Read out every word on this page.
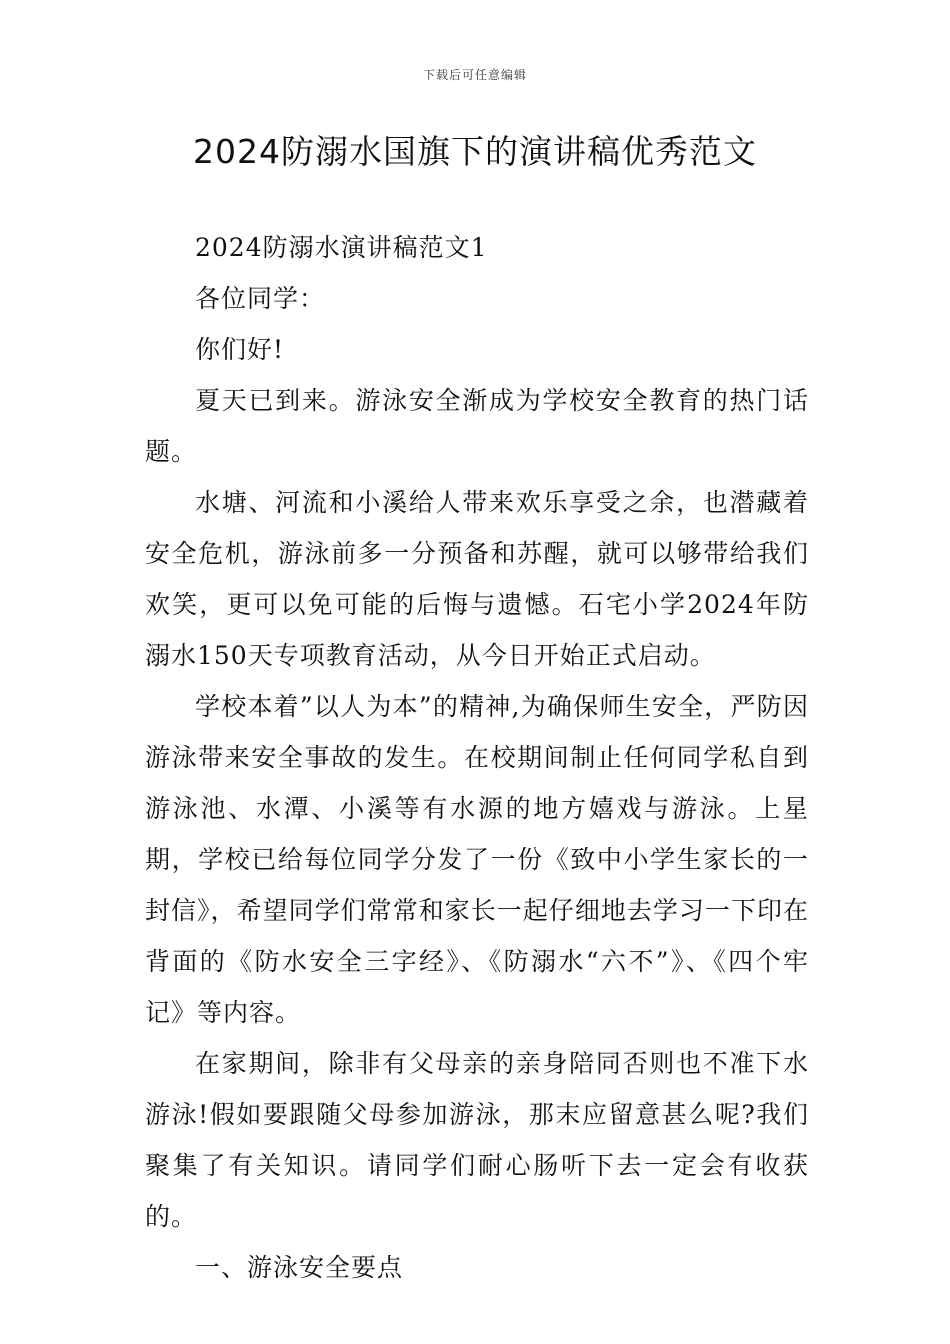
下载后可任意编辑
2024防溺水国旗下的演讲稿优秀范文

2024防溺水演讲稿范文1

各位同学：

你们好!

夏天已到来。游泳安全渐成为学校安全教育的热门话题。

水塘、河流和小溪给人带来欢乐享受之余，也潜藏着安全危机，游泳前多一分预备和苏醒，就可以够带给我们欢笑，更可以免可能的后悔与遗憾。石宅小学2024年防溺水150天专项教育活动，从今日开始正式启动。

学校本着”以人为本”的精神,为确保师生安全，严防因游泳带来安全事故的发生。在校期间制止任何同学私自到游泳池、水潭、小溪等有水源的地方嬉戏与游泳。上星期，学校已给每位同学分发了一份《致中小学生家长的一封信》，希望同学们常常和家长一起仔细地去学习一下印在背面的《防水安全三字经》、《防溺水“六不”》、《四个牢记》等内容。

在家期间，除非有父母亲的亲身陪同否则也不准下水游泳!假如要跟随父母参加游泳，那末应留意甚么呢?我们聚集了有关知识。请同学们耐心肠听下去一定会有收获的。

一、游泳安全要点
